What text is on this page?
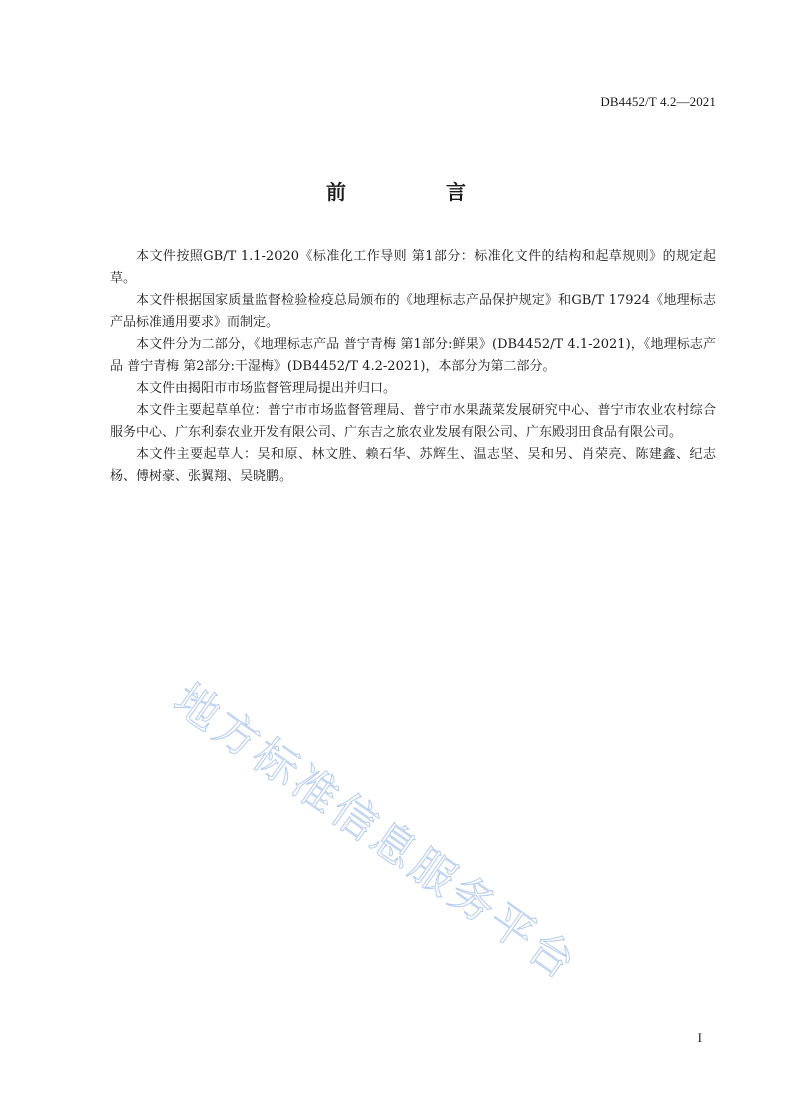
DB4452/T 4.2—2021
前　言

本文件按照GB/T 1.1-2020《标准化工作导则 第1部分：标准化文件的结构和起草规则》的规定起草。

本文件根据国家质量监督检验检疫总局颁布的《地理标志产品保护规定》和GB/T 17924《地理标志产品标准通用要求》而制定。

本文件分为二部分，《地理标志产品 普宁青梅 第1部分:鲜果》(DB4452/T 4.1-2021)，《地理标志产品 普宁青梅 第2部分:干湿梅》(DB4452/T 4.2-2021)，本部分为第二部分。

本文件由揭阳市市场监督管理局提出并归口。

本文件主要起草单位：普宁市市场监督管理局、普宁市水果蔬菜发展研究中心、普宁市农业农村综合服务中心、广东利泰农业开发有限公司、广东吉之旅农业发展有限公司、广东殿羽田食品有限公司。

本文件主要起草人：吴和原、林文胜、赖石华、苏辉生、温志坚、吴和另、肖荣亮、陈建鑫、纪志杨、傅树豪、张翼翔、吴晓鹏。

地方标准信息服务平台
I
